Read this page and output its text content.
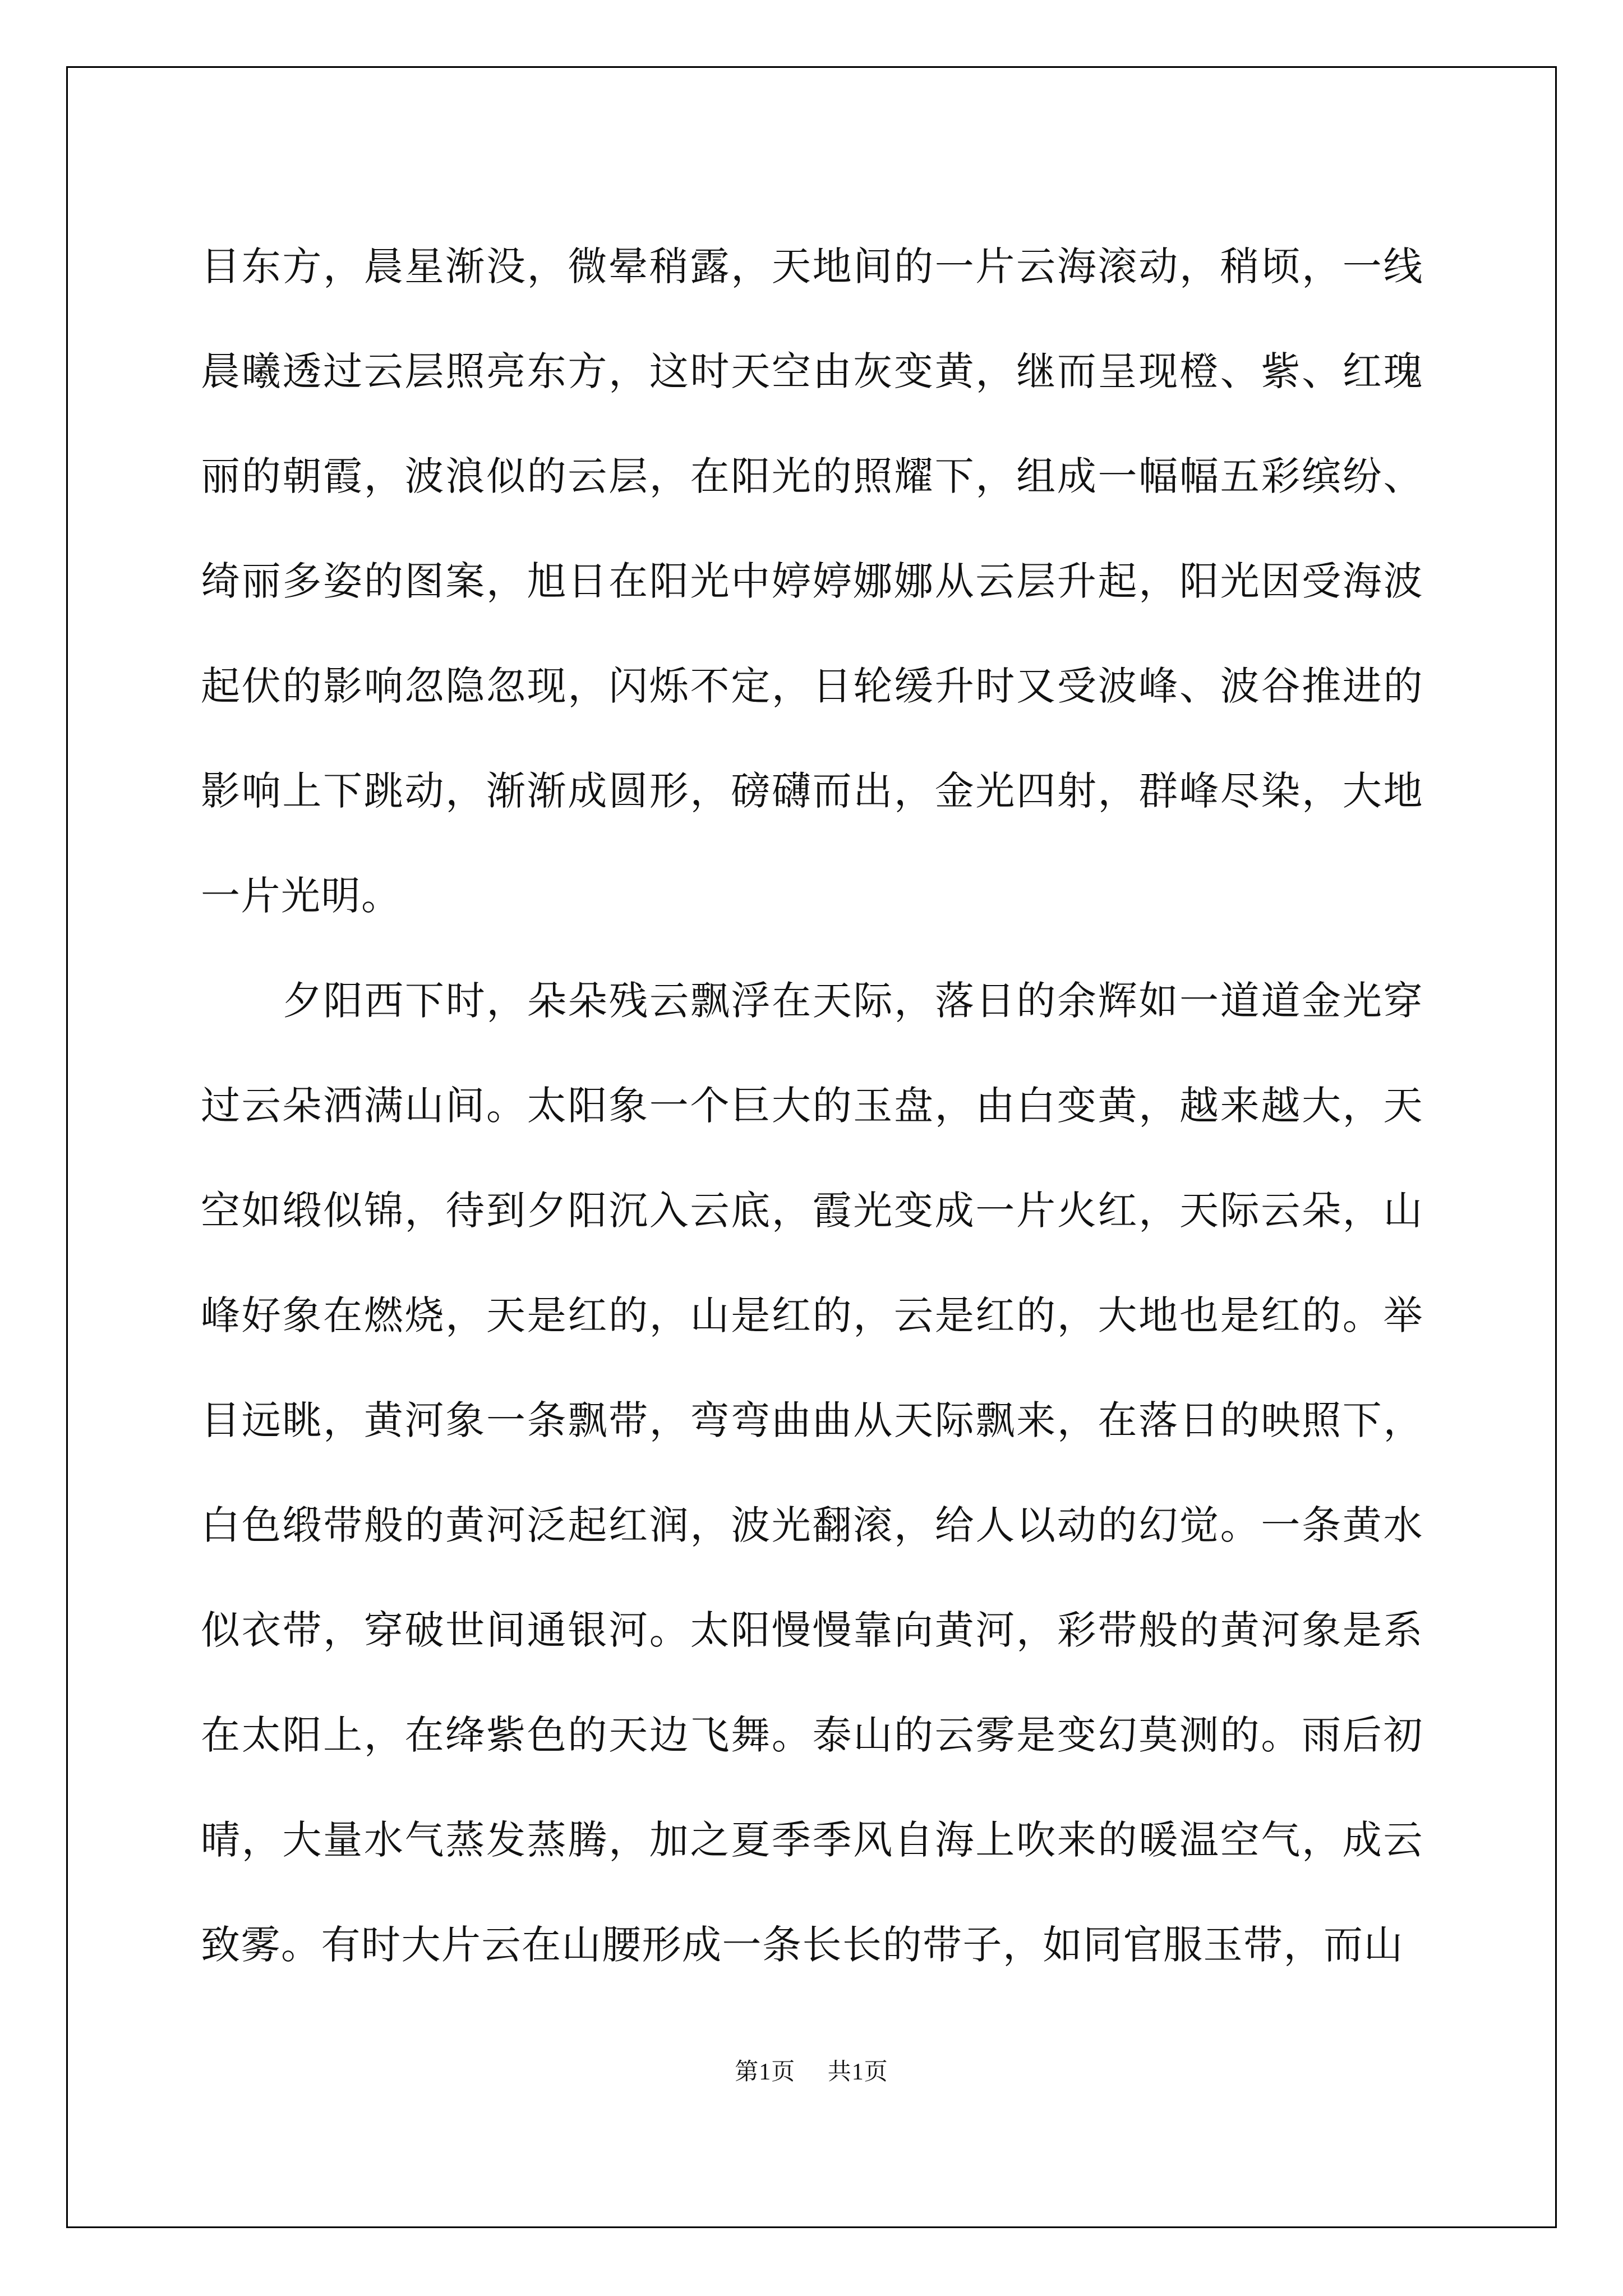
目东方，晨星渐没，微晕稍露，天地间的一片云海滚动，稍顷，一线晨曦透过云层照亮东方，这时天空由灰变黄，继而呈现橙、紫、红瑰丽的朝霞，波浪似的云层，在阳光的照耀下，组成一幅幅五彩缤纷、绮丽多姿的图案，旭日在阳光中婷婷娜娜从云层升起，阳光因受海波起伏的影响忽隐忽现，闪烁不定，日轮缓升时又受波峰、波谷推进的影响上下跳动，渐渐成圆形，磅礴而出，金光四射，群峰尽染，大地一片光明。

夕阳西下时，朵朵残云飘浮在天际，落日的余辉如一道道金光穿过云朵洒满山间。太阳象一个巨大的玉盘，由白变黄，越来越大，天空如缎似锦，待到夕阳沉入云底，霞光变成一片火红，天际云朵，山峰好象在燃烧，天是红的，山是红的，云是红的，大地也是红的。举目远眺，黄河象一条飘带，弯弯曲曲从天际飘来，在落日的映照下，白色缎带般的黄河泛起红润，波光翻滚，给人以动的幻觉。一条黄水似衣带，穿破世间通银河。太阳慢慢靠向黄河，彩带般的黄河象是系在太阳上，在绛紫色的天边飞舞。泰山的云雾是变幻莫测的。雨后初晴，大量水气蒸发蒸腾，加之夏季季风自海上吹来的暖温空气，成云致雾。有时大片云在山腰形成一条长长的带子，如同官服玉带，而山

第1页 共1页
